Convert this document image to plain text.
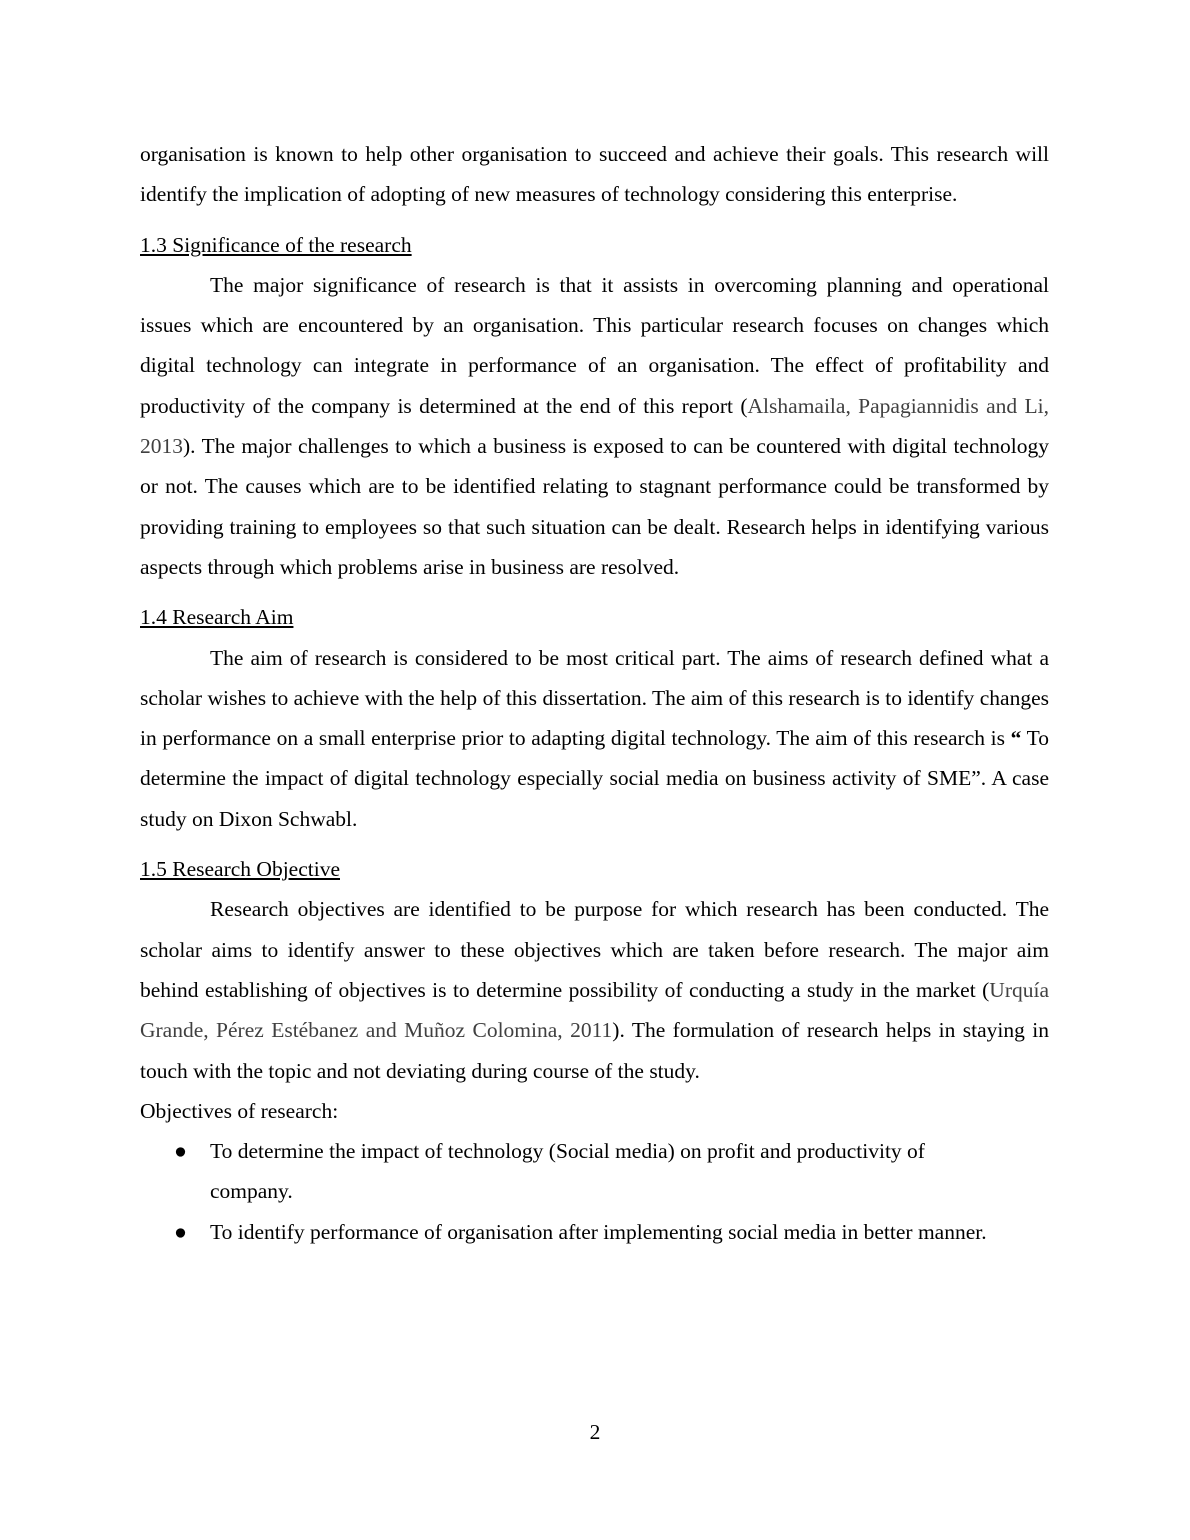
organisation is known to help other organisation to succeed and achieve their goals. This research will identify the implication of adopting of new measures of technology considering this enterprise.

1.3 Significance of the research

The major significance of research is that it assists in overcoming planning and operational issues which are encountered by an organisation. This particular research focuses on changes which digital technology can integrate in performance of an organisation. The effect of profitability and productivity of the company is determined at the end of this report (Alshamaila, Papagiannidis and Li, 2013). The major challenges to which a business is exposed to can be countered with digital technology or not. The causes which are to be identified relating to stagnant performance could be transformed by providing training to employees so that such situation can be dealt. Research helps in identifying various aspects through which problems arise in business are resolved.

1.4 Research Aim

The aim of research is considered to be most critical part. The aims of research defined what a scholar wishes to achieve with the help of this dissertation. The aim of this research is to identify changes in performance on a small enterprise prior to adapting digital technology. The aim of this research is “ To determine the impact of digital technology especially social media on business activity of SME”. A case study on Dixon Schwabl.

1.5 Research Objective

Research objectives are identified to be purpose for which research has been conducted. The scholar aims to identify answer to these objectives which are taken before research. The major aim behind establishing of objectives is to determine possibility of conducting a study in the market (Urquía Grande, Pérez Estébanez and Muñoz Colomina, 2011). The formulation of research helps in staying in touch with the topic and not deviating during course of the study.

Objectives of research:

● To determine the impact of technology (Social media) on profit and productivity of company.
● To identify performance of organisation after implementing social media in better manner.
2
